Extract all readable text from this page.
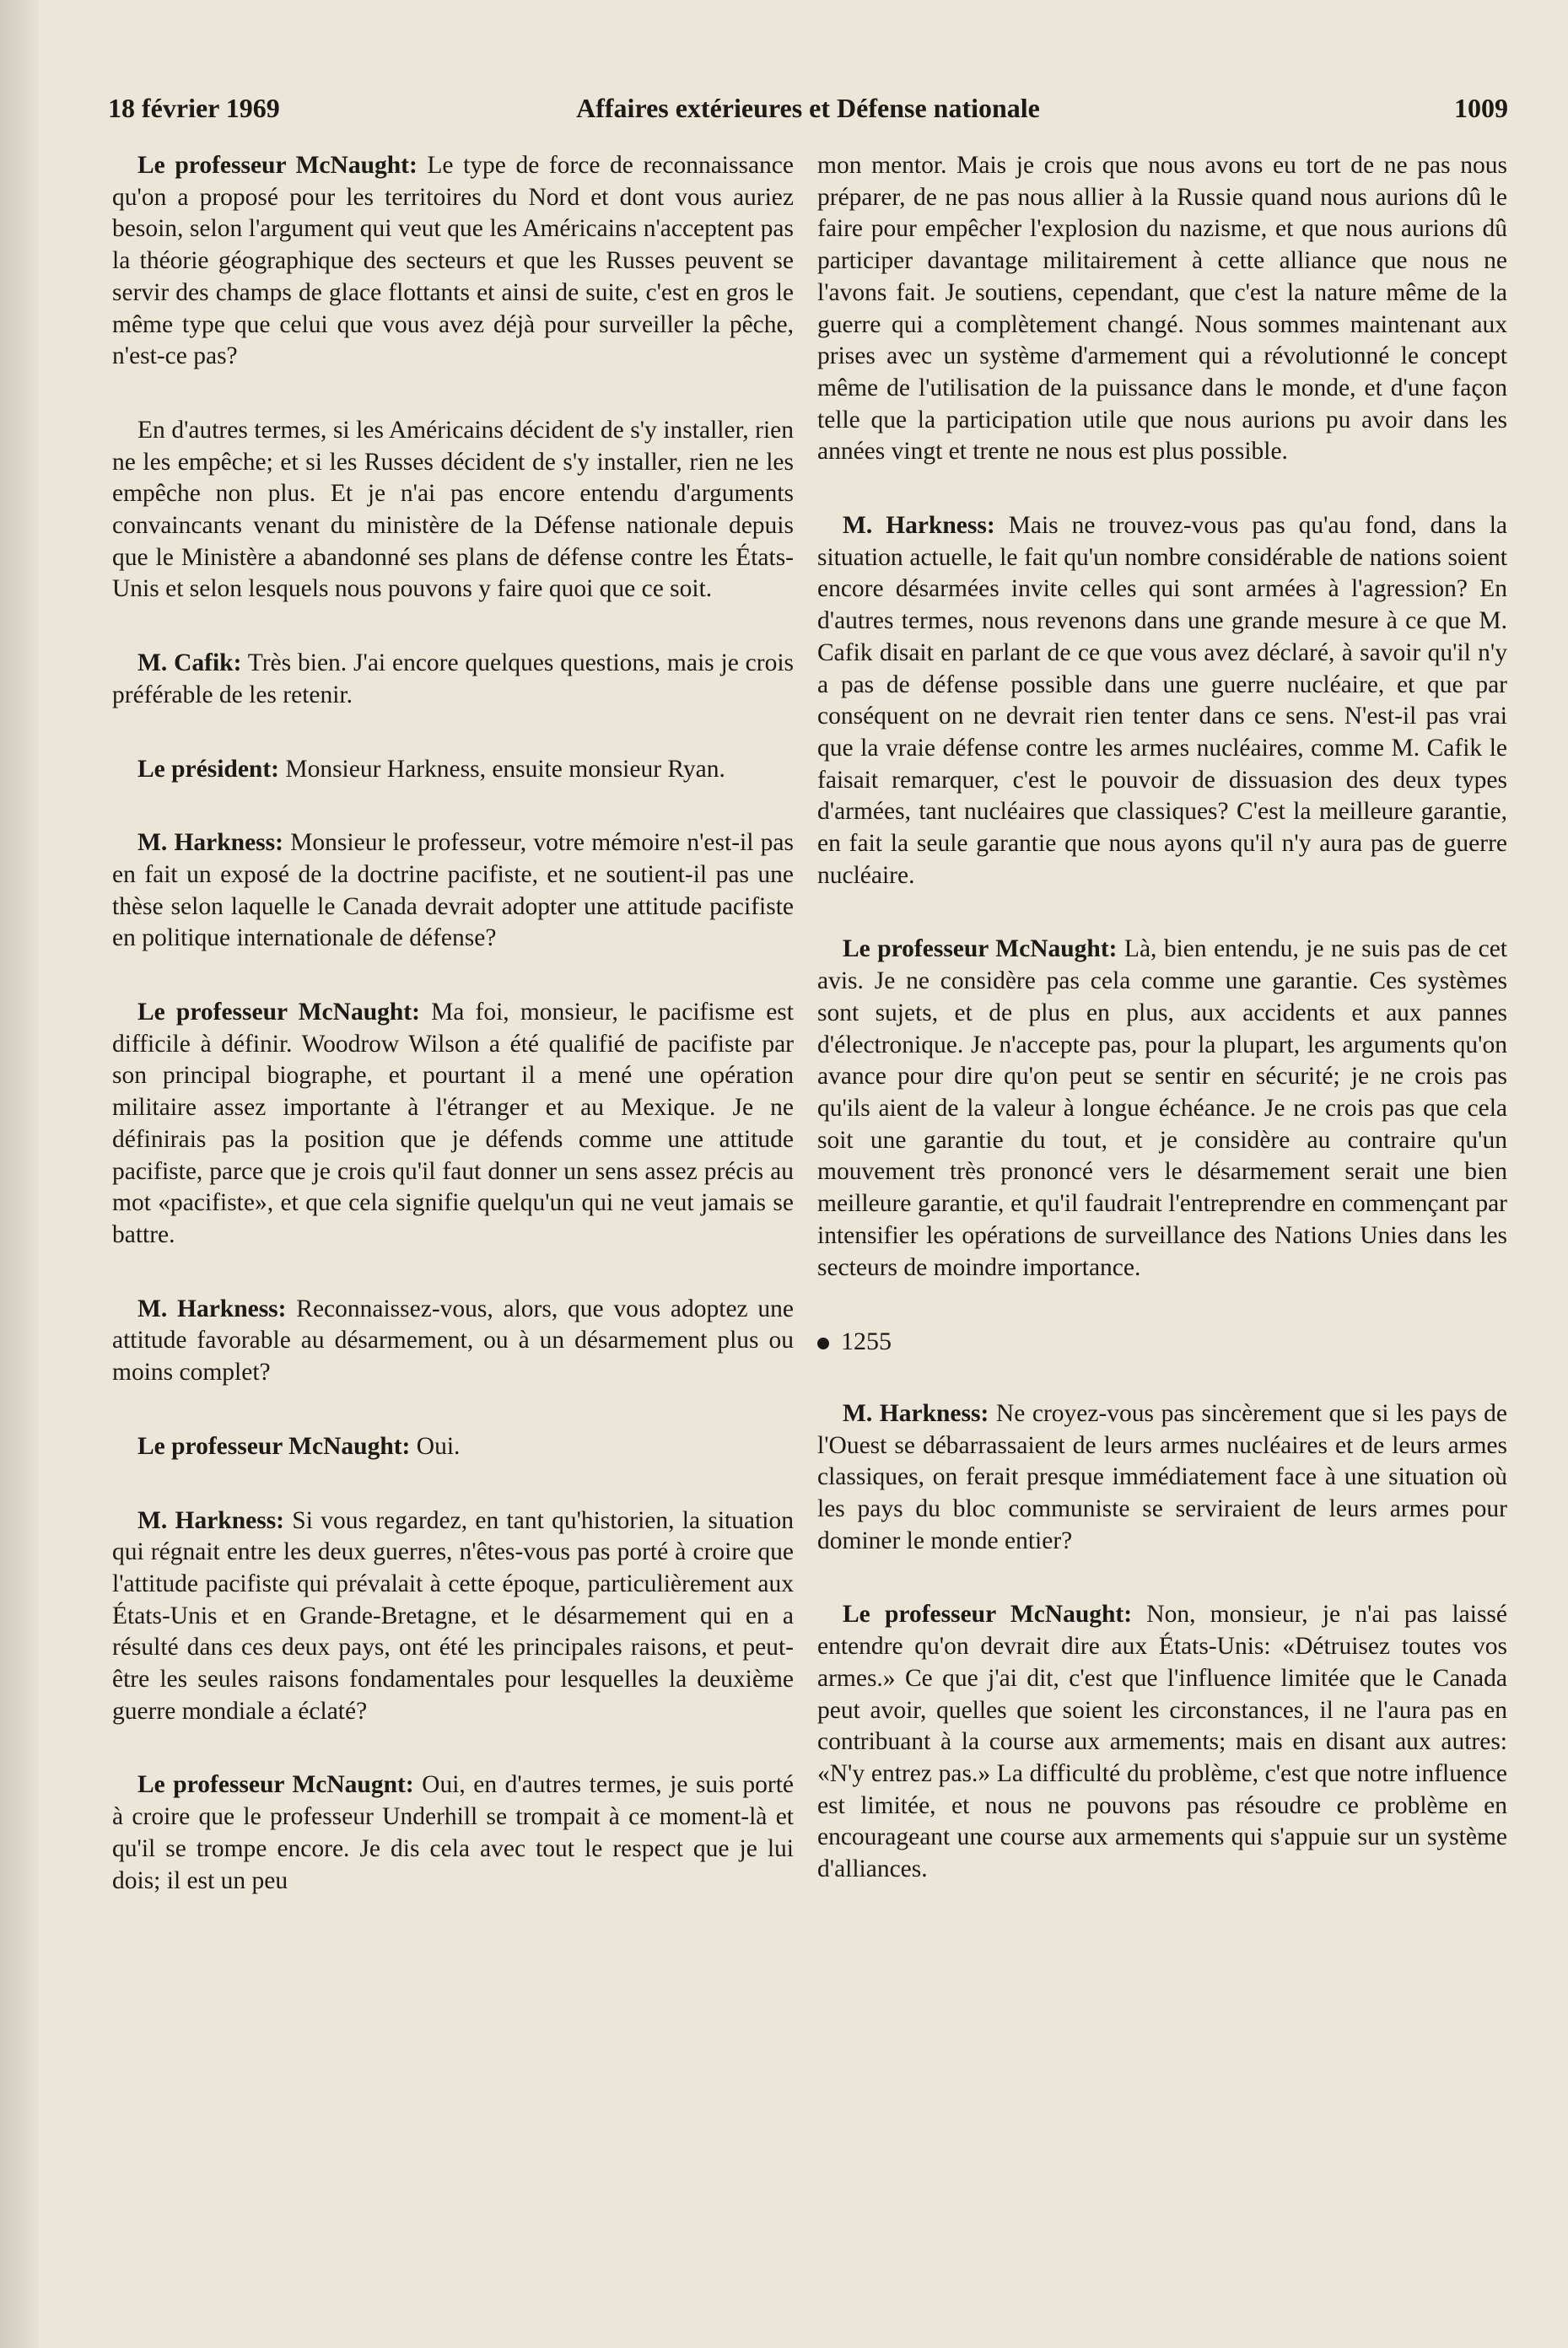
18 février 1969	Affaires extérieures et Défense nationale	1009

Le professeur McNaught: Le type de force de reconnaissance qu'on a proposé pour les territoires du Nord et dont vous auriez besoin, selon l'argument qui veut que les Américains n'acceptent pas la théorie géographique des secteurs et que les Russes peuvent se servir des champs de glace flottants et ainsi de suite, c'est en gros le même type que celui que vous avez déjà pour surveiller la pêche, n'est-ce pas?

En d'autres termes, si les Américains décident de s'y installer, rien ne les empêche; et si les Russes décident de s'y installer, rien ne les empêche non plus. Et je n'ai pas encore entendu d'arguments convaincants venant du ministère de la Défense nationale depuis que le Ministère a abandonné ses plans de défense contre les États-Unis et selon lesquels nous pouvons y faire quoi que ce soit.

M. Cafik: Très bien. J'ai encore quelques questions, mais je crois préférable de les retenir.

Le président: Monsieur Harkness, ensuite monsieur Ryan.

M. Harkness: Monsieur le professeur, votre mémoire n'est-il pas en fait un exposé de la doctrine pacifiste, et ne soutient-il pas une thèse selon laquelle le Canada devrait adopter une attitude pacifiste en politique internationale de défense?

Le professeur McNaught: Ma foi, monsieur, le pacifisme est difficile à définir. Woodrow Wilson a été qualifié de pacifiste par son principal biographe, et pourtant il a mené une opération militaire assez importante à l'étranger et au Mexique. Je ne définirais pas la position que je défends comme une attitude pacifiste, parce que je crois qu'il faut donner un sens assez précis au mot «pacifiste», et que cela signifie quelqu'un qui ne veut jamais se battre.

M. Harkness: Reconnaissez-vous, alors, que vous adoptez une attitude favorable au désarmement, ou à un désarmement plus ou moins complet?

Le professeur McNaught: Oui.

M. Harkness: Si vous regardez, en tant qu'historien, la situation qui régnait entre les deux guerres, n'êtes-vous pas porté à croire que l'attitude pacifiste qui prévalait à cette époque, particulièrement aux États-Unis et en Grande-Bretagne, et le désarmement qui en a résulté dans ces deux pays, ont été les principales raisons, et peut-être les seules raisons fondamentales pour lesquelles la deuxième guerre mondiale a éclaté?

Le professeur McNaugnt: Oui, en d'autres termes, je suis porté à croire que le professeur Underhill se trompait à ce moment-là et qu'il se trompe encore. Je dis cela avec tout le respect que je lui dois; il est un peu

mon mentor. Mais je crois que nous avons eu tort de ne pas nous préparer, de ne pas nous allier à la Russie quand nous aurions dû le faire pour empêcher l'explosion du nazisme, et que nous aurions dû participer davantage militairement à cette alliance que nous ne l'avons fait. Je soutiens, cependant, que c'est la nature même de la guerre qui a complètement changé. Nous sommes maintenant aux prises avec un système d'armement qui a révolutionné le concept même de l'utilisation de la puissance dans le monde, et d'une façon telle que la participation utile que nous aurions pu avoir dans les années vingt et trente ne nous est plus possible.

M. Harkness: Mais ne trouvez-vous pas qu'au fond, dans la situation actuelle, le fait qu'un nombre considérable de nations soient encore désarmées invite celles qui sont armées à l'agression? En d'autres termes, nous revenons dans une grande mesure à ce que M. Cafik disait en parlant de ce que vous avez déclaré, à savoir qu'il n'y a pas de défense possible dans une guerre nucléaire, et que par conséquent on ne devrait rien tenter dans ce sens. N'est-il pas vrai que la vraie défense contre les armes nucléaires, comme M. Cafik le faisait remarquer, c'est le pouvoir de dissuasion des deux types d'armées, tant nucléaires que classiques? C'est la meilleure garantie, en fait la seule garantie que nous ayons qu'il n'y aura pas de guerre nucléaire.

Le professeur McNaught: Là, bien entendu, je ne suis pas de cet avis. Je ne considère pas cela comme une garantie. Ces systèmes sont sujets, et de plus en plus, aux accidents et aux pannes d'électronique. Je n'accepte pas, pour la plupart, les arguments qu'on avance pour dire qu'on peut se sentir en sécurité; je ne crois pas qu'ils aient de la valeur à longue échéance. Je ne crois pas que cela soit une garantie du tout, et je considère au contraire qu'un mouvement très prononcé vers le désarmement serait une bien meilleure garantie, et qu'il faudrait l'entreprendre en commençant par intensifier les opérations de surveillance des Nations Unies dans les secteurs de moindre importance.

1255

M. Harkness: Ne croyez-vous pas sincèrement que si les pays de l'Ouest se débarrassaient de leurs armes nucléaires et de leurs armes classiques, on ferait presque immédiatement face à une situation où les pays du bloc communiste se serviraient de leurs armes pour dominer le monde entier?

Le professeur McNaught: Non, monsieur, je n'ai pas laissé entendre qu'on devrait dire aux États-Unis: «Détruisez toutes vos armes.» Ce que j'ai dit, c'est que l'influence limitée que le Canada peut avoir, quelles que soient les circonstances, il ne l'aura pas en contribuant à la course aux armements; mais en disant aux autres: «N'y entrez pas.» La difficulté du problème, c'est que notre influence est limitée, et nous ne pouvons pas résoudre ce problème en encourageant une course aux armements qui s'appuie sur un système d'alliances.
